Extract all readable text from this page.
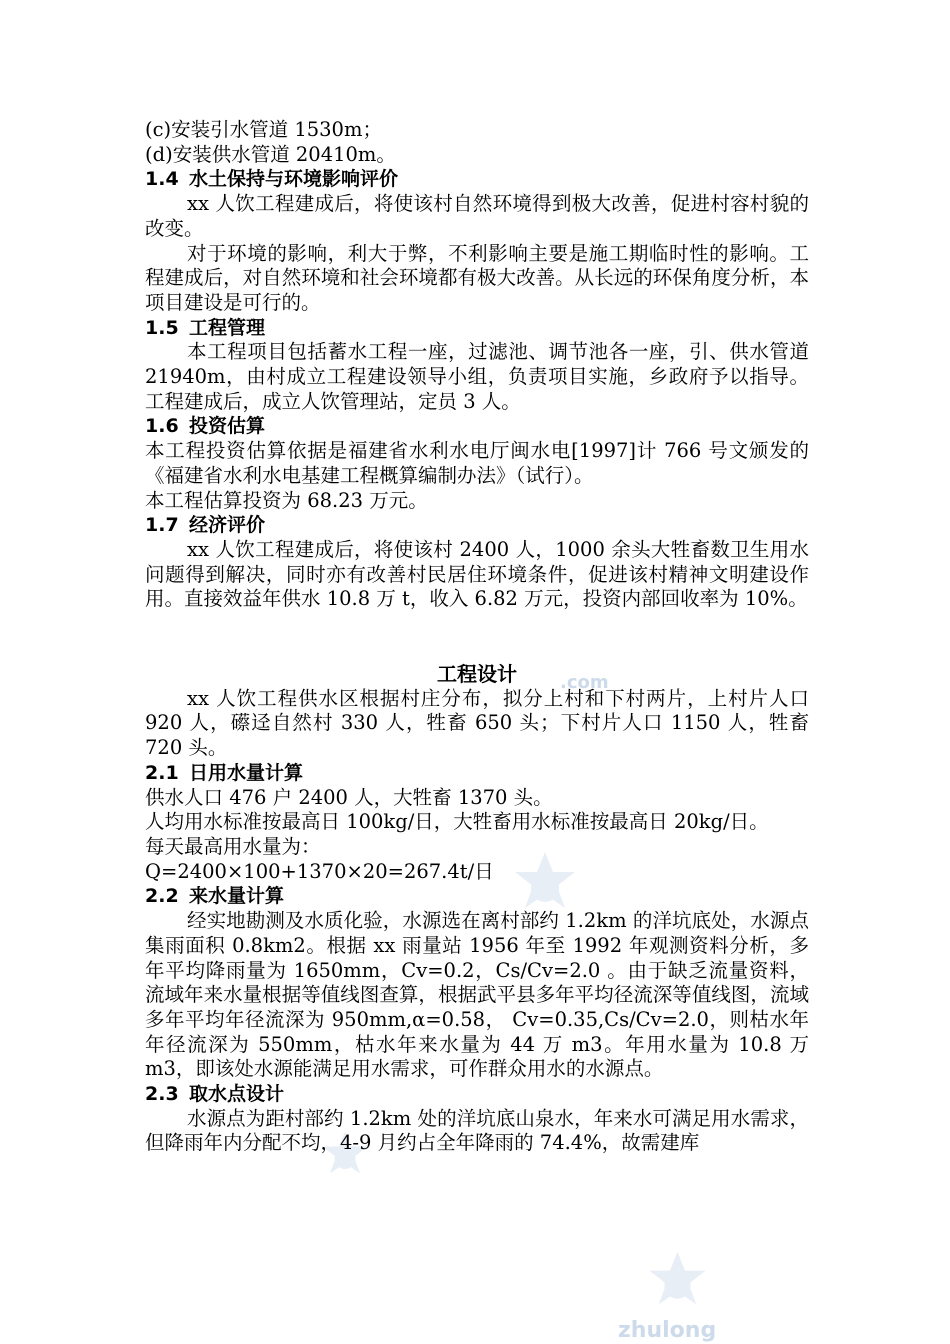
.com
zhulong

(c)安装引水管道 1530m；

(d)安装供水管道 20410m。

1.4 水土保持与环境影响评价

xx 人饮工程建成后，将使该村自然环境得到极大改善，促进村容村貌的改变。

对于环境的影响，利大于弊，不利影响主要是施工期临时性的影响。工程建成后，对自然环境和社会环境都有极大改善。从长远的环保角度分析，本项目建设是可行的。

1.5 工程管理

本工程项目包括蓄水工程一座，过滤池、调节池各一座，引、供水管道 21940m，由村成立工程建设领导小组，负责项目实施，乡政府予以指导。工程建成后，成立人饮管理站，定员 3 人。

1.6 投资估算

本工程投资估算依据是福建省水利水电厅闽水电[1997]计 766 号文颁发的《福建省水利水电基建工程概算编制办法》（试行）。

本工程估算投资为 68.23 万元。

1.7 经济评价

xx 人饮工程建成后，将使该村 2400 人，1000 余头大牲畜数卫生用水问题得到解决，同时亦有改善村民居住环境条件，促进该村精神文明建设作用。直接效益年供水 10.8 万 t，收入 6.82 万元，投资内部回收率为 10%。

工程设计

xx 人饮工程供水区根据村庄分布，拟分上村和下村两片，上村片人口 920 人，礤迳自然村 330 人，牲畜 650 头；下村片人口 1150 人，牲畜 720 头。

2.1 日用水量计算

供水人口 476 户 2400 人，大牲畜 1370 头。

人均用水标准按最高日 100kg/日，大牲畜用水标准按最高日 20kg/日。

每天最高用水量为：

Q=2400×100+1370×20=267.4t/日

2.2 来水量计算

经实地勘测及水质化验，水源选在离村部约 1.2km 的洋坑底处，水源点集雨面积 0.8km2。根据 xx 雨量站 1956 年至 1992 年观测资料分析，多年平均降雨量为 1650mm，Cv=0.2，Cs/Cv=2.0 。由于缺乏流量资料，流域年来水量根据等值线图查算，根据武平县多年平均径流深等值线图，流域多年平均年径流深为 950mm,α=0.58， Cv=0.35,Cs/Cv=2.0，则枯水年年径流深为 550mm，枯水年来水量为 44 万 m3。年用水量为 10.8 万 m3，即该处水源能满足用水需求，可作群众用水的水源点。

2.3 取水点设计

水源点为距村部约 1.2km 处的洋坑底山泉水，年来水可满足用水需求，但降雨年内分配不均，4-9 月约占全年降雨的 74.4%，故需建库
